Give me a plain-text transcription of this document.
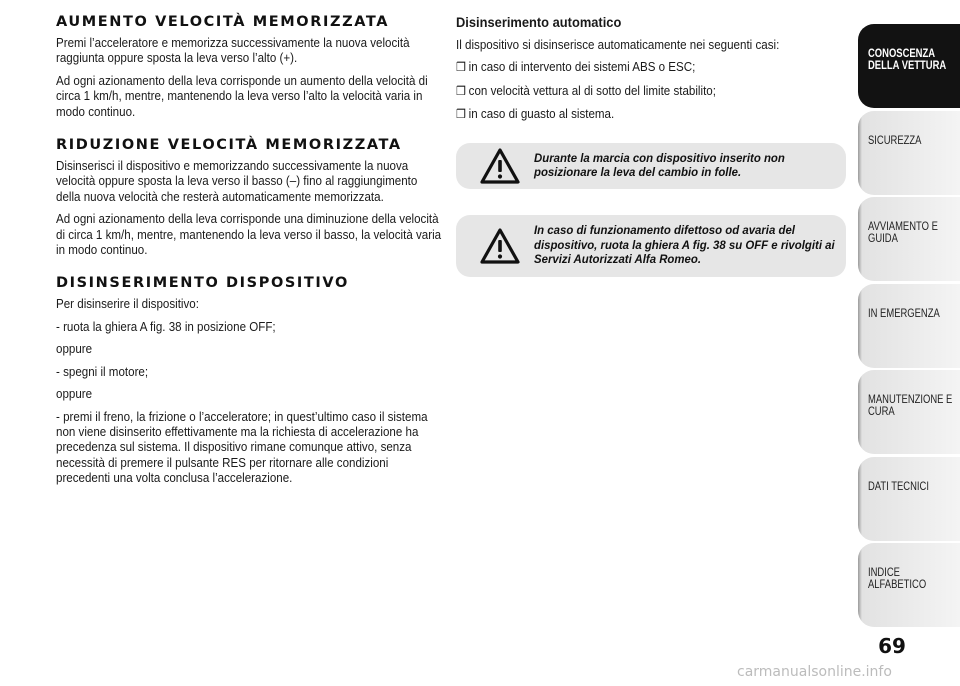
AUMENTO VELOCITÀ MEMORIZZATA

Premi l’acceleratore e memorizza successivamente la nuova velocità raggiunta oppure sposta la leva verso l’alto (+).

Ad ogni azionamento della leva corrisponde un aumento della velocità di circa 1 km/h, mentre, mantenendo la leva verso l’alto la velocità varia in modo continuo.

RIDUZIONE VELOCITÀ MEMORIZZATA

Disinserisci il dispositivo e memorizzando successivamente la nuova velocità oppure sposta la leva verso il basso (–) fino al raggiungimento della nuova velocità che resterà automaticamente memorizzata.

Ad ogni azionamento della leva corrisponde una diminuzione della velocità di circa 1 km/h, mentre, mantenendo la leva verso il basso, la velocità varia in modo continuo.

DISINSERIMENTO DISPOSITIVO

Per disinserire il dispositivo:

- ruota la ghiera A fig. 38 in posizione OFF;

oppure

- spegni il motore;

oppure

- premi il freno, la frizione o l’acceleratore; in quest’ultimo caso il sistema non viene disinserito effettivamente ma la richiesta di accelerazione ha precedenza sul sistema. Il dispositivo rimane comunque attivo, senza necessità di premere il pulsante RES per ritornare alle condizioni precedenti una volta conclusa l’accelerazione.

Disinserimento automatico

Il dispositivo si disinserisce automaticamente nei seguenti casi:

❒ in caso di intervento dei sistemi ABS o ESC;
❒ con velocità vettura al di sotto del limite stabilito;
❒ in caso di guasto al sistema.
Durante la marcia con dispositivo inserito non posizionare la leva del cambio in folle.
In caso di funzionamento difettoso od avaria del dispositivo, ruota la ghiera A fig. 38 su OFF e rivolgiti ai Servizi Autorizzati Alfa Romeo.
CONOSCENZA DELLA VETTURA
SICUREZZA
AVVIAMENTO E GUIDA
IN EMERGENZA
MANUTENZIONE E CURA
DATI TECNICI
INDICE ALFABETICO
69
carmanualsonline.info
